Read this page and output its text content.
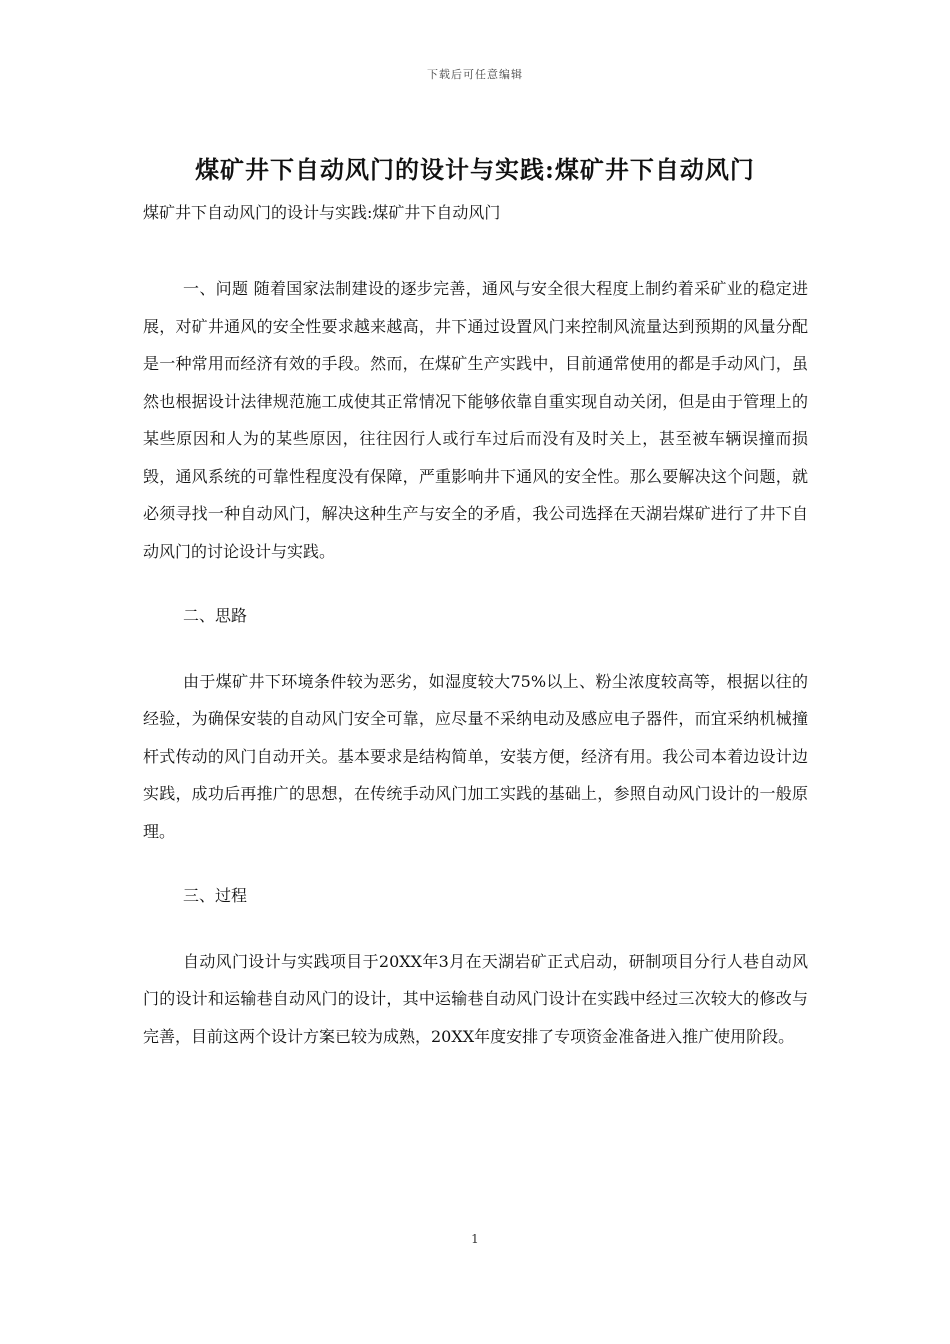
下载后可任意编辑
煤矿井下自动风门的设计与实践:煤矿井下自动风门

煤矿井下自动风门的设计与实践:煤矿井下自动风门

一、问题 随着国家法制建设的逐步完善，通风与安全很大程度上制约着采矿业的稳定进展，对矿井通风的安全性要求越来越高，井下通过设置风门来控制风流量达到预期的风量分配是一种常用而经济有效的手段。然而，在煤矿生产实践中，目前通常使用的都是手动风门，虽然也根据设计法律规范施工成使其正常情况下能够依靠自重实现自动关闭，但是由于管理上的某些原因和人为的某些原因，往往因行人或行车过后而没有及时关上，甚至被车辆误撞而损毁，通风系统的可靠性程度没有保障，严重影响井下通风的安全性。那么要解决这个问题，就必须寻找一种自动风门，解决这种生产与安全的矛盾，我公司选择在天湖岩煤矿进行了井下自动风门的讨论设计与实践。

二、思路

由于煤矿井下环境条件较为恶劣，如湿度较大75%以上、粉尘浓度较高等，根据以往的经验，为确保安装的自动风门安全可靠，应尽量不采纳电动及感应电子器件，而宜采纳机械撞杆式传动的风门自动开关。基本要求是结构简单，安装方便，经济有用。我公司本着边设计边实践，成功后再推广的思想，在传统手动风门加工实践的基础上，参照自动风门设计的一般原理。

三、过程

自动风门设计与实践项目于20XX年3月在天湖岩矿正式启动，研制项目分行人巷自动风门的设计和运输巷自动风门的设计，其中运输巷自动风门设计在实践中经过三次较大的修改与完善，目前这两个设计方案已较为成熟，20XX年度安排了专项资金准备进入推广使用阶段。

1
